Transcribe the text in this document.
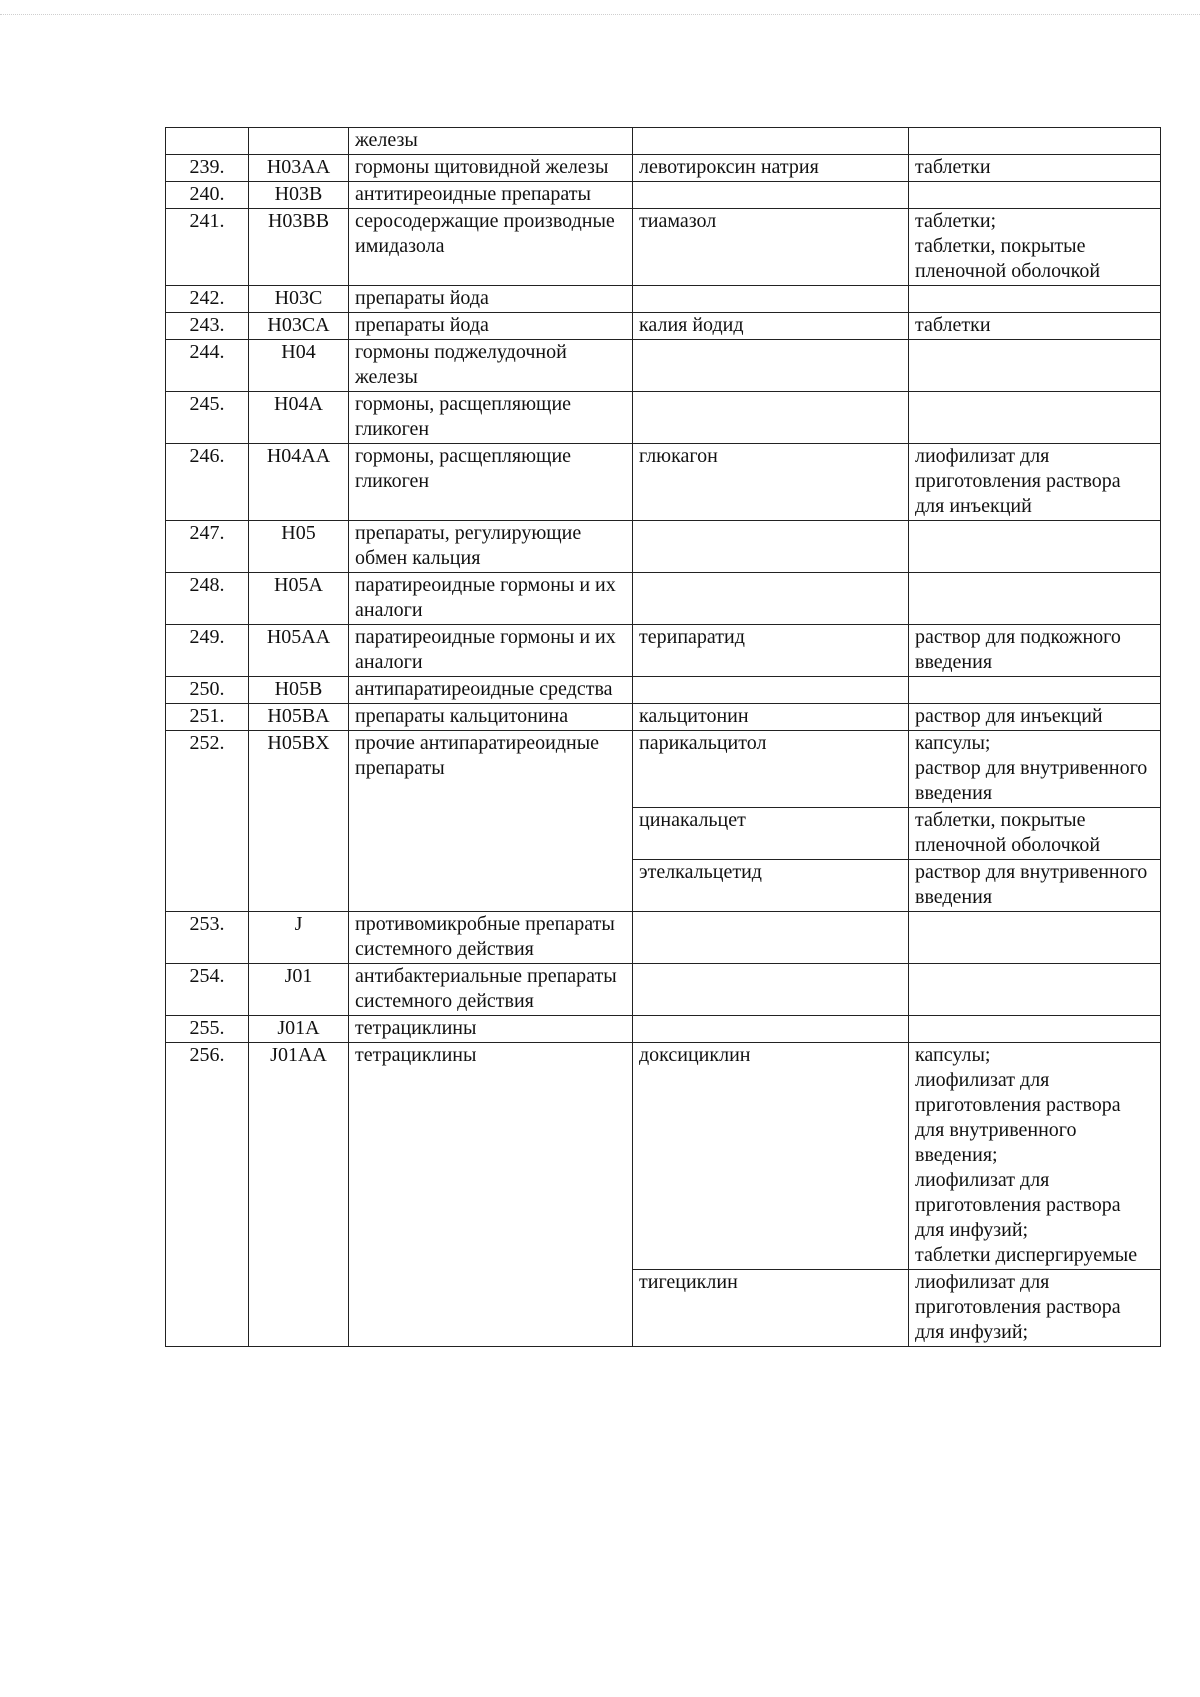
		железы		
239.	H03AA	гормоны щитовидной железы	левотироксин натрия	таблетки
240.	H03B	антитиреоидные препараты		
241.	H03BB	серосодержащие производные имидазола	тиамазол	таблетки;
таблетки, покрытые пленочной оболочкой
242.	H03C	препараты йода		
243.	H03CA	препараты йода	калия йодид	таблетки
244.	H04	гормоны поджелудочной железы		
245.	H04A	гормоны, расщепляющие гликоген		
246.	H04AA	гормоны, расщепляющие гликоген	глюкагон	лиофилизат для приготовления раствора для инъекций
247.	H05	препараты, регулирующие обмен кальция		
248.	H05A	паратиреоидные гормоны и их аналоги		
249.	H05AA	паратиреоидные гормоны и их аналоги	терипаратид	раствор для подкожного введения
250.	H05B	антипаратиреоидные средства		
251.	H05BA	препараты кальцитонина	кальцитонин	раствор для инъекций
252.	H05BX	прочие антипаратиреоидные препараты	парикальцитол	капсулы;
раствор для внутривенного введения
			цинакальцет	таблетки, покрытые пленочной оболочкой
			этелкальцетид	раствор для внутривенного введения
253.	J	противомикробные препараты системного действия		
254.	J01	антибактериальные препараты системного действия		
255.	J01A	тетрациклины		
256.	J01AA	тетрациклины	доксициклин	капсулы;
лиофилизат для приготовления раствора для внутривенного введения;
лиофилизат для приготовления раствора для инфузий;
таблетки диспергируемые
			тигециклин	лиофилизат для приготовления раствора для инфузий;
